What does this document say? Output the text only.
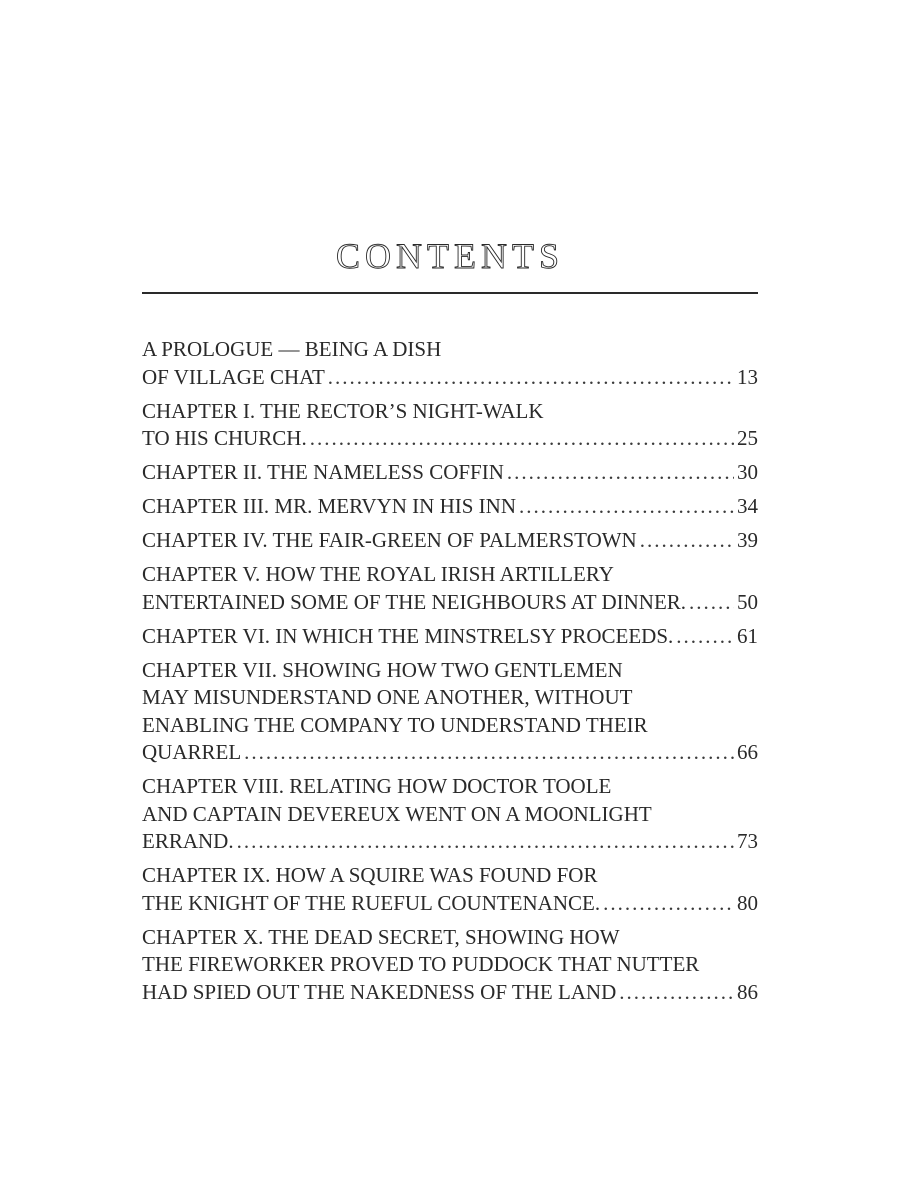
CONTENTS
A PROLOGUE — BEING A DISH
OF VILLAGE CHAT .....	13
CHAPTER I. THE RECTOR’S NIGHT-WALK
TO HIS CHURCH. .....	25
CHAPTER II. THE NAMELESS COFFIN .....	30
CHAPTER III. MR. MERVYN IN HIS INN .....	34
CHAPTER IV. THE FAIR-GREEN OF PALMERSTOWN .....	39
CHAPTER V. HOW THE ROYAL IRISH ARTILLERY
ENTERTAINED SOME OF THE NEIGHBOURS AT DINNER. ..... 50
CHAPTER VI. IN WHICH THE MINSTRELSY PROCEEDS. .....	61
CHAPTER VII. SHOWING HOW TWO GENTLEMEN
MAY MISUNDERSTAND ONE ANOTHER, WITHOUT
ENABLING THE COMPANY TO UNDERSTAND THEIR
QUARREL .....	66
CHAPTER VIII. RELATING HOW DOCTOR TOOLE
AND CAPTAIN DEVEREUX WENT ON A MOONLIGHT
ERRAND. .....	73
CHAPTER IX. HOW A SQUIRE WAS FOUND FOR
THE KNIGHT OF THE RUEFUL COUNTENANCE. .....	80
CHAPTER X. THE DEAD SECRET, SHOWING HOW
THE FIREWORKER PROVED TO PUDDOCK THAT NUTTER
HAD SPIED OUT THE NAKEDNESS OF THE LAND .....	86
